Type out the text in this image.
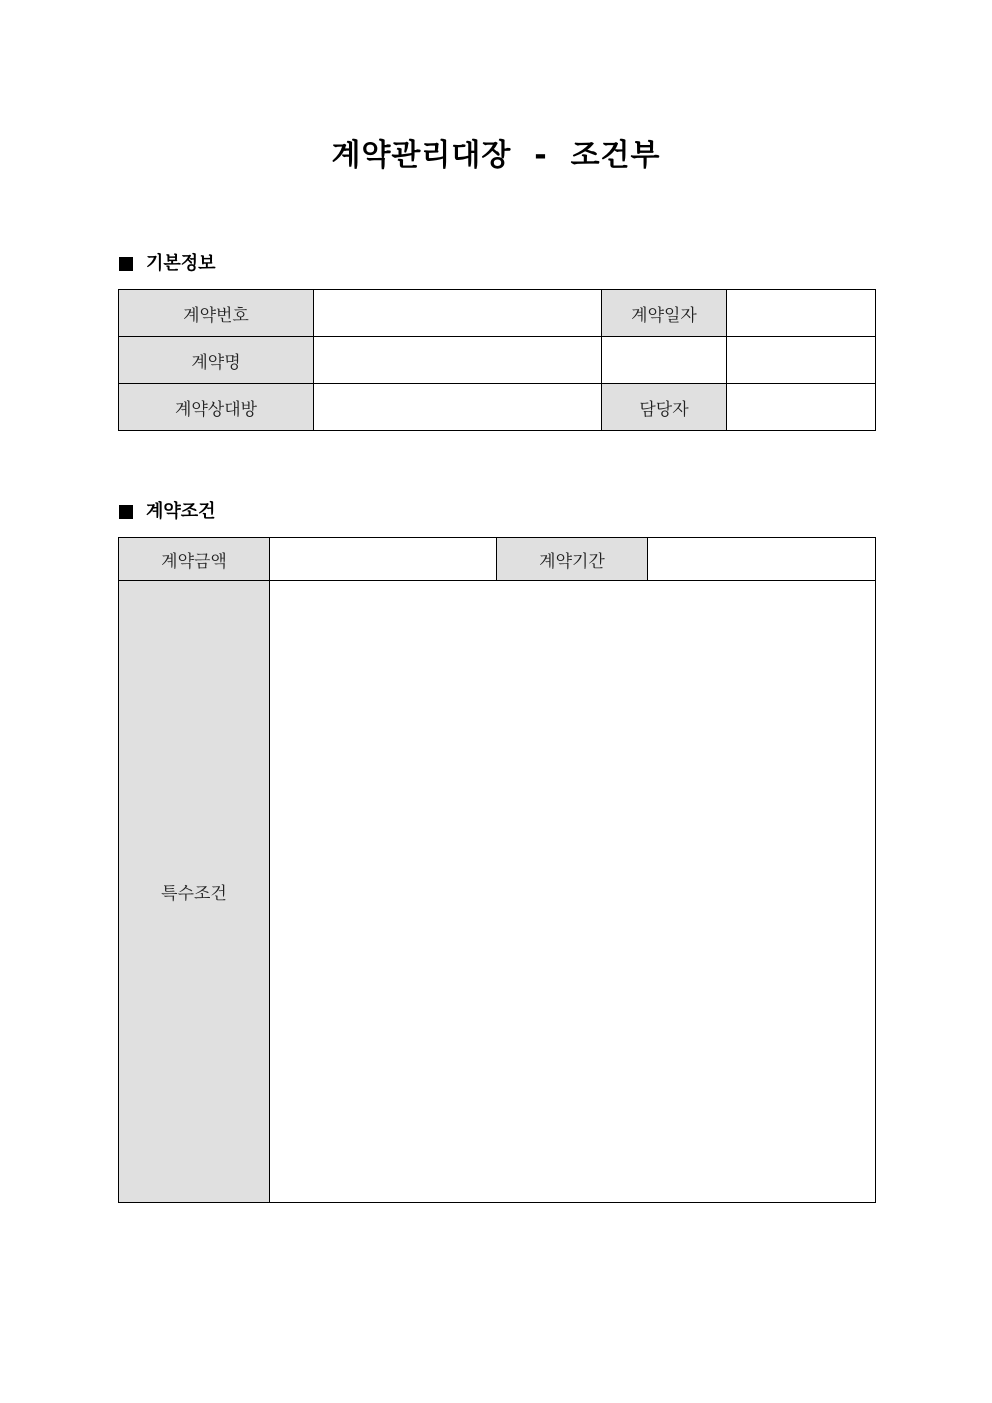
계약관리대장  -  조건부
기본정보
계약번호		계약일자	
계약명			
계약상대방		담당자	
계약조건
계약금액		계약기간	
특수조건			
